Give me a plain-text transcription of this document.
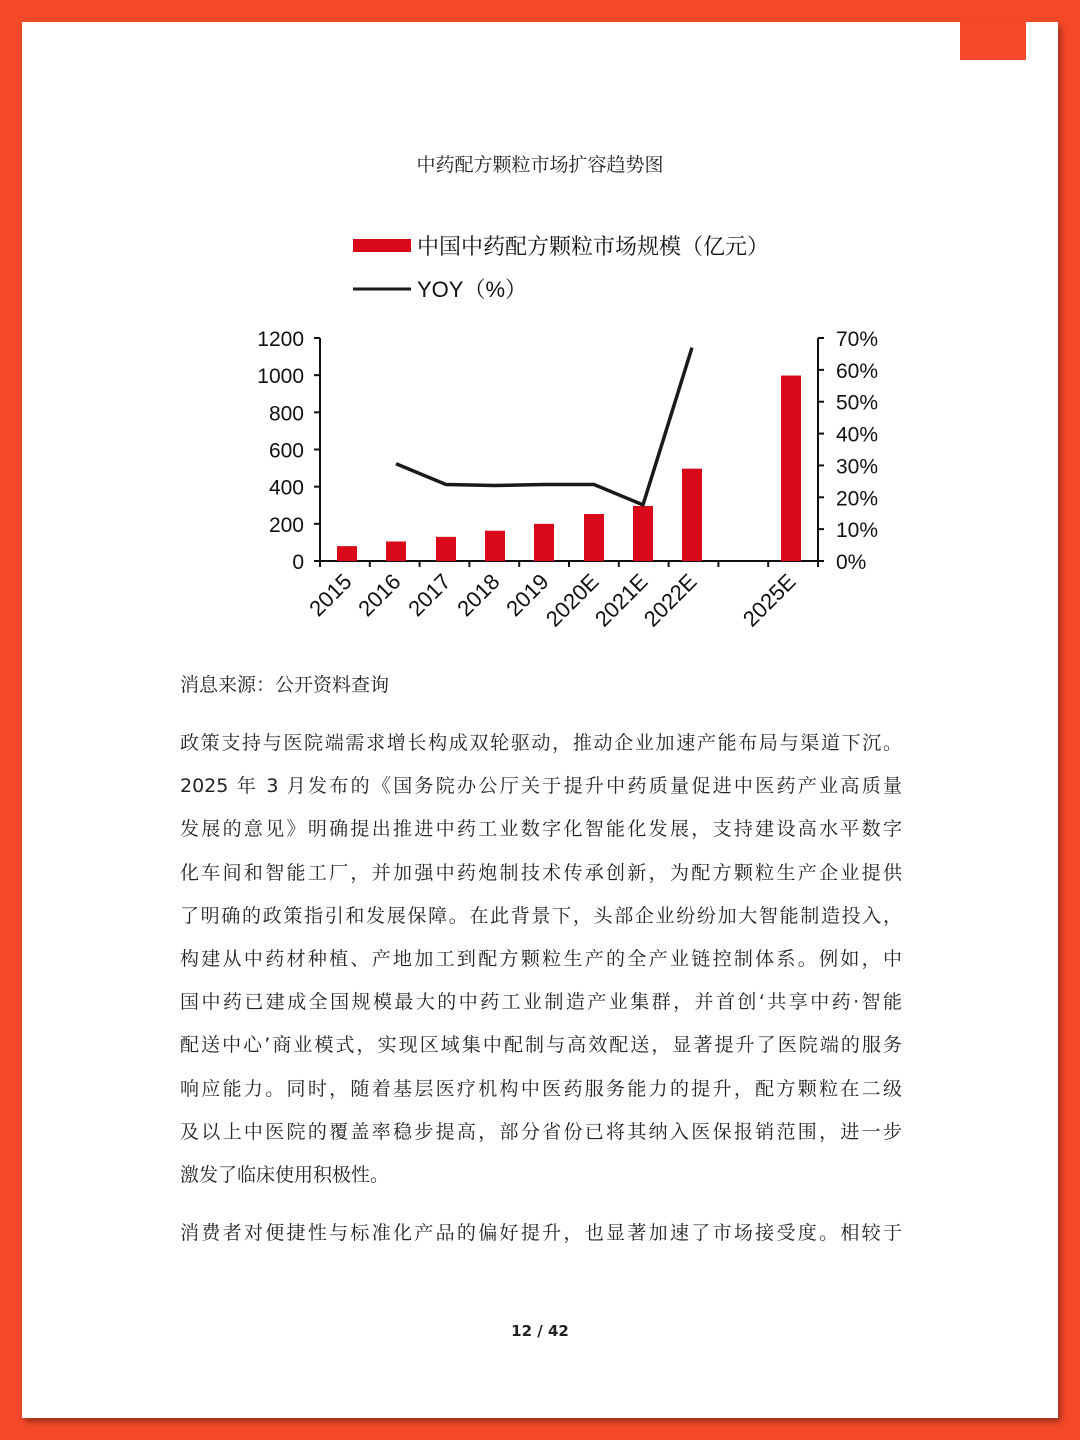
中药配方颗粒市场扩容趋势图
中国中药配方颗粒市场规模（亿元）
YOY（%）
0
200
400
600
800
1000
1200
0%
10%
20%
30%
40%
50%
60%
70%
2015
2016
2017
2018
2019
2020E
2021E
2022E 2025E
消息来源：公开资料查询
政策支持与医院端需求增长构成双轮驱动，推动企业加速产能布局与渠道下沉。
2025 年 3 月发布的《国务院办公厅关于提升中药质量促进中医药产业高质量
发展的意见》明确提出推进中药工业数字化智能化发展，支持建设高水平数字
化车间和智能工厂，并加强中药炮制技术传承创新，为配方颗粒生产企业提供
了明确的政策指引和发展保障。在此背景下，头部企业纷纷加大智能制造投入，
构建从中药材种植、产地加工到配方颗粒生产的全产业链控制体系。例如，中
国中药已建成全国规模最大的中药工业制造产业集群，并首创‘共享中药·智能
配送中心’商业模式，实现区域集中配制与高效配送，显著提升了医院端的服务
响应能力。同时，随着基层医疗机构中医药服务能力的提升，配方颗粒在二级
及以上中医院的覆盖率稳步提高，部分省份已将其纳入医保报销范围，进一步
激发了临床使用积极性。
消费者对便捷性与标准化产品的偏好提升，也显著加速了市场接受度。相较于
12 / 42
